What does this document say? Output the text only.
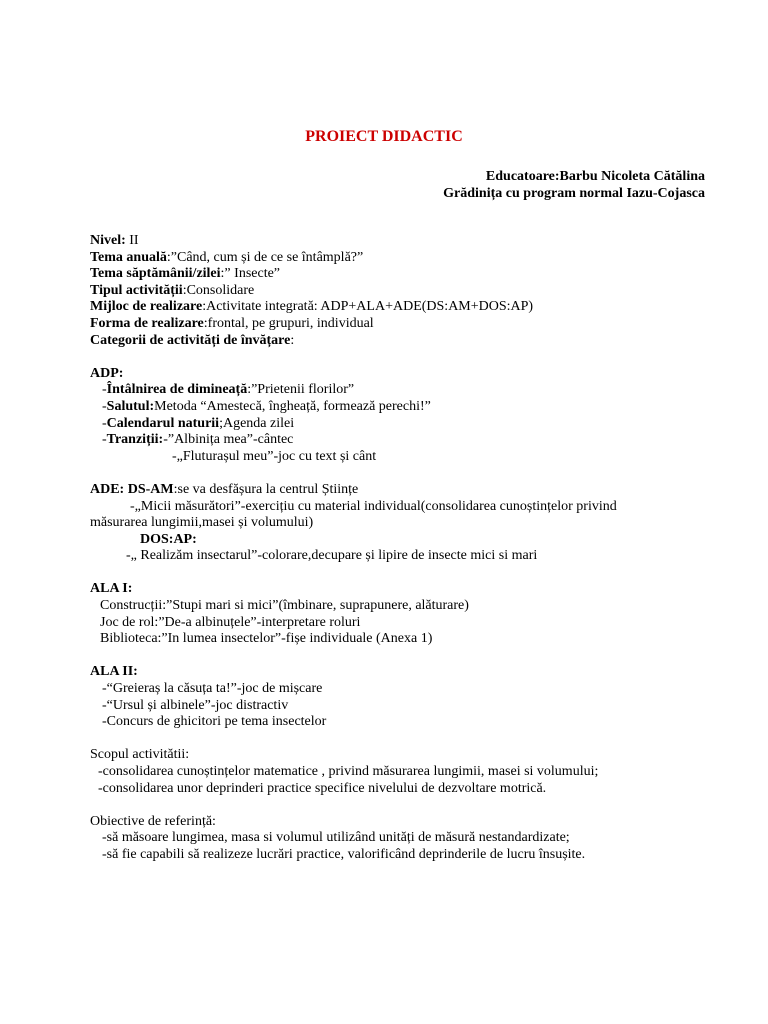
PROIECT DIDACTIC
Educatoare:Barbu Nicoleta Cătălina
Grădinița cu program normal Iazu-Cojasca
Nivel: II
Tema anuală:”Când, cum și de ce se întâmplă?”
Tema săptămânii/zilei:” Insecte”
Tipul activității:Consolidare
Mijloc de realizare:Activitate integrată: ADP+ALA+ADE(DS:AM+DOS:AP)
Forma de realizare:frontal, pe grupuri, individual
Categorii de activități de învățare:
ADP:
-Întâlnirea de dimineață:”Prietenii florilor”
-Salutul:Metoda “Amestecă, îngheață, formează perechi!”
-Calendarul naturii;Agenda zilei
-Tranziții:-”Albinița mea”-cântec
-„Fluturașul meu”-joc cu text și cânt
ADE: DS-AM:se va desfășura la centrul Științe
-„Micii măsurători”-exercițiu cu material individual(consolidarea cunoștințelor privind
măsurarea lungimii,masei și volumului)
DOS:AP:
-„ Realizăm insectarul”-colorare,decupare și lipire de insecte mici si mari
ALA I:
Construcții:”Stupi mari si mici”(îmbinare, suprapunere, alăturare)
Joc de rol:”De-a albinuțele”-interpretare roluri
Biblioteca:”In lumea insectelor”-fișe individuale (Anexa 1)
ALA II:
-“Greieraș la căsuța ta!”-joc de mișcare
-“Ursul și albinele”-joc distractiv
-Concurs de ghicitori pe tema insectelor
Scopul activitătii:
-consolidarea cunoștințelor matematice , privind măsurarea lungimii, masei si volumului;
-consolidarea unor deprinderi practice specifice nivelului de dezvoltare motrică.
Obiective de referință:
-să măsoare lungimea, masa si volumul utilizând unități de măsură nestandardizate;
-să fie capabili să realizeze lucrări practice, valorificând deprinderile de lucru însușite.
